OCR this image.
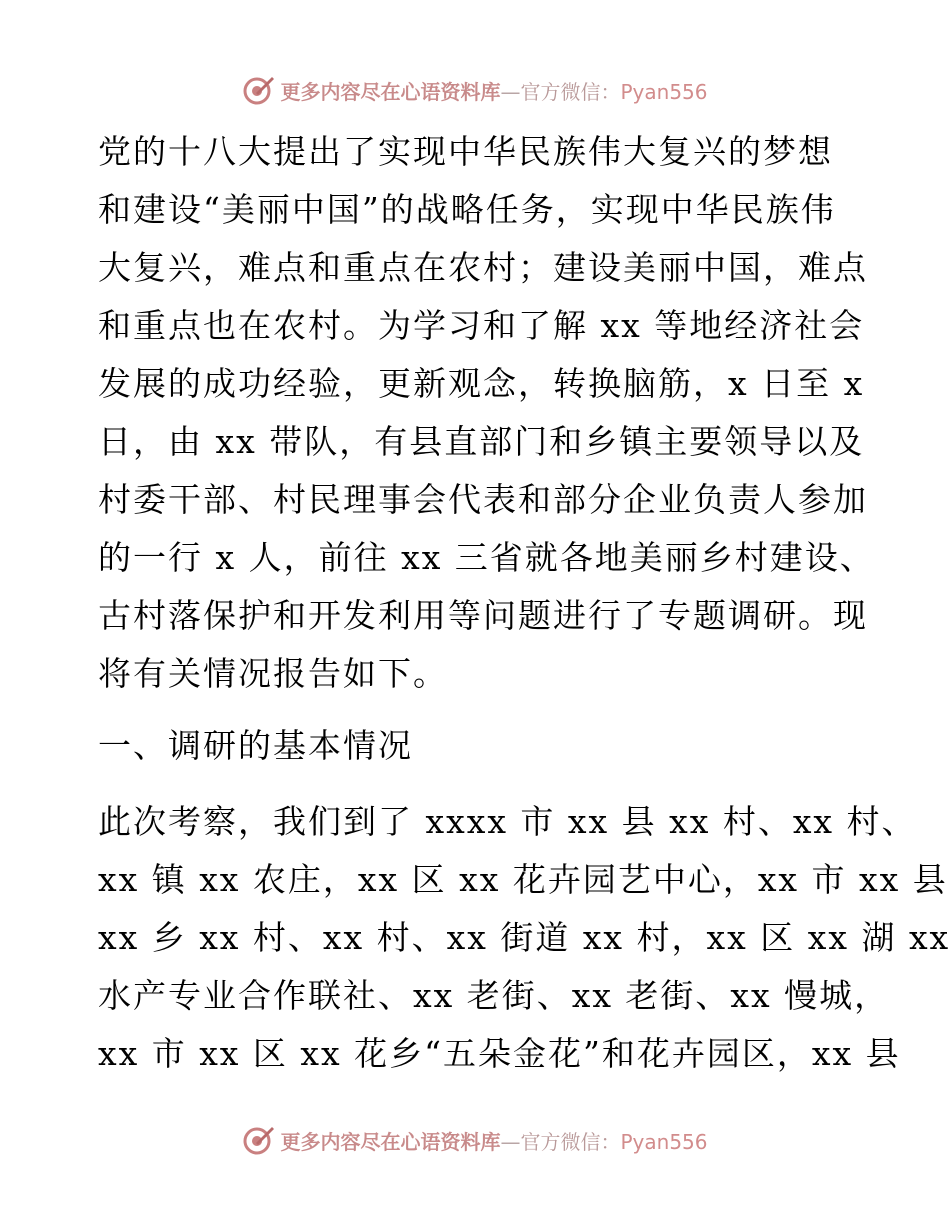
更多内容尽在心语资料库—官方微信：Pyan556
党的十八大提出了实现中华民族伟大复兴的梦想
和建设“美丽中国”的战略任务，实现中华民族伟
大复兴，难点和重点在农村；建设美丽中国，难点
和重点也在农村。为学习和了解 xx 等地经济社会
发展的成功经验，更新观念，转换脑筋，x 日至 x
日，由 xx 带队，有县直部门和乡镇主要领导以及
村委干部、村民理事会代表和部分企业负责人参加
的一行 x 人，前往 xx 三省就各地美丽乡村建设、
古村落保护和开发利用等问题进行了专题调研。现
将有关情况报告如下。
一、调研的基本情况
此次考察，我们到了 xxxx 市 xx 县 xx 村、xx 村、
xx 镇 xx 农庄，xx 区 xx 花卉园艺中心，xx 市 xx 县
xx 乡 xx 村、xx 村、xx 街道 xx 村，xx 区 xx 湖 xx
水产专业合作联社、xx 老街、xx 老街、xx 慢城，
xx 市 xx 区 xx 花乡“五朵金花”和花卉园区，xx 县
更多内容尽在心语资料库—官方微信：Pyan556
